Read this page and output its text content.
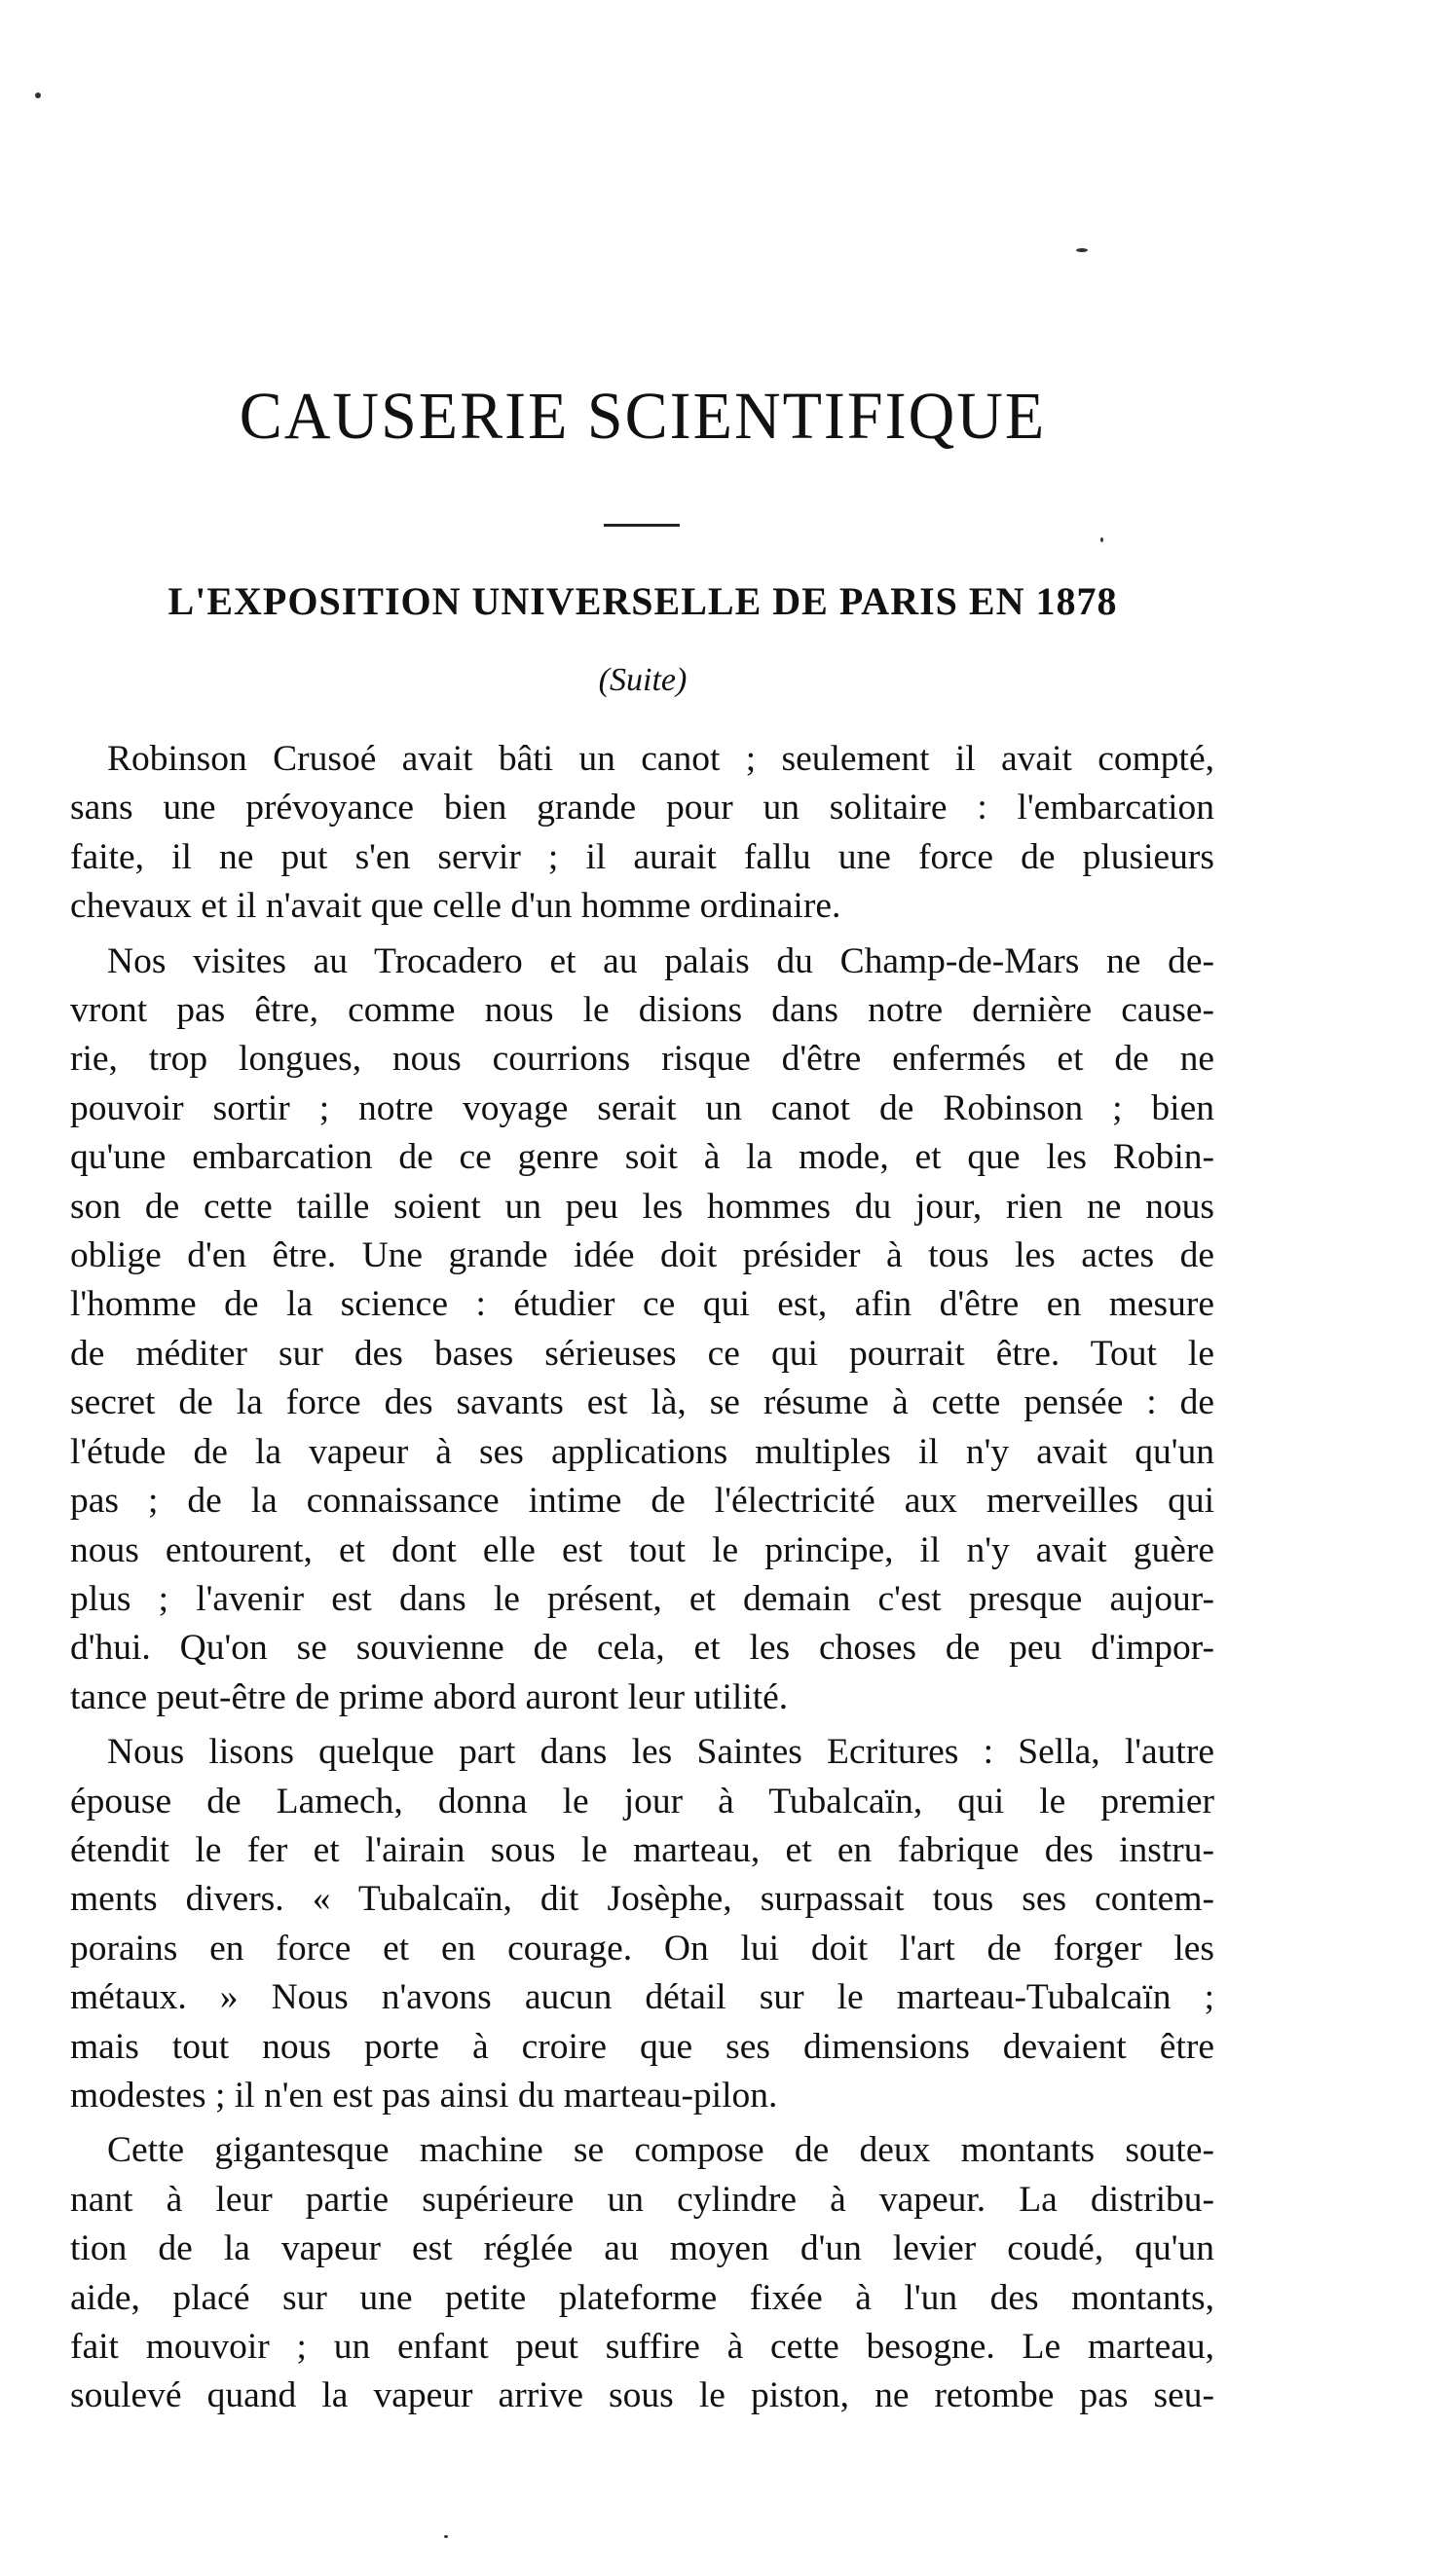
CAUSERIE SCIENTIFIQUE
L'EXPOSITION UNIVERSELLE DE PARIS EN 1878

(Suite)

Robinson Crusoé avait bâti un canot ; seulement il avait compté,
sans une prévoyance bien grande pour un solitaire : l'embarcation
faite, il ne put s'en servir ; il aurait fallu une force de plusieurs
chevaux et il n'avait que celle d'un homme ordinaire.
Nos visites au Trocadero et au palais du Champ-de-Mars ne de-
vront pas être, comme nous le disions dans notre dernière cause-
rie, trop longues, nous courrions risque d'être enfermés et de ne
pouvoir sortir ; notre voyage serait un canot de Robinson ; bien
qu'une embarcation de ce genre soit à la mode, et que les Robin-
son de cette taille soient un peu les hommes du jour, rien ne nous
oblige d'en être. Une grande idée doit présider à tous les actes de
l'homme de la science : étudier ce qui est, afin d'être en mesure
de méditer sur des bases sérieuses ce qui pourrait être. Tout le
secret de la force des savants est là, se résume à cette pensée : de
l'étude de la vapeur à ses applications multiples il n'y avait qu'un
pas ; de la connaissance intime de l'électricité aux merveilles qui
nous entourent, et dont elle est tout le principe, il n'y avait guère
plus ; l'avenir est dans le présent, et demain c'est presque aujour-
d'hui. Qu'on se souvienne de cela, et les choses de peu d'impor-
tance peut-être de prime abord auront leur utilité.
Nous lisons quelque part dans les Saintes Ecritures : Sella, l'autre
épouse de Lamech, donna le jour à Tubalcaïn, qui le premier
étendit le fer et l'airain sous le marteau, et en fabrique des instru-
ments divers. « Tubalcaïn, dit Josèphe, surpassait tous ses contem-
porains en force et en courage. On lui doit l'art de forger les
métaux. » Nous n'avons aucun détail sur le marteau-Tubalcaïn ;
mais tout nous porte à croire que ses dimensions devaient être
modestes ; il n'en est pas ainsi du marteau-pilon.
Cette gigantesque machine se compose de deux montants soute-
nant à leur partie supérieure un cylindre à vapeur. La distribu-
tion de la vapeur est réglée au moyen d'un levier coudé, qu'un
aide, placé sur une petite plateforme fixée à l'un des montants,
fait mouvoir ; un enfant peut suffire à cette besogne. Le marteau,
soulevé quand la vapeur arrive sous le piston, ne retombe pas seu-
